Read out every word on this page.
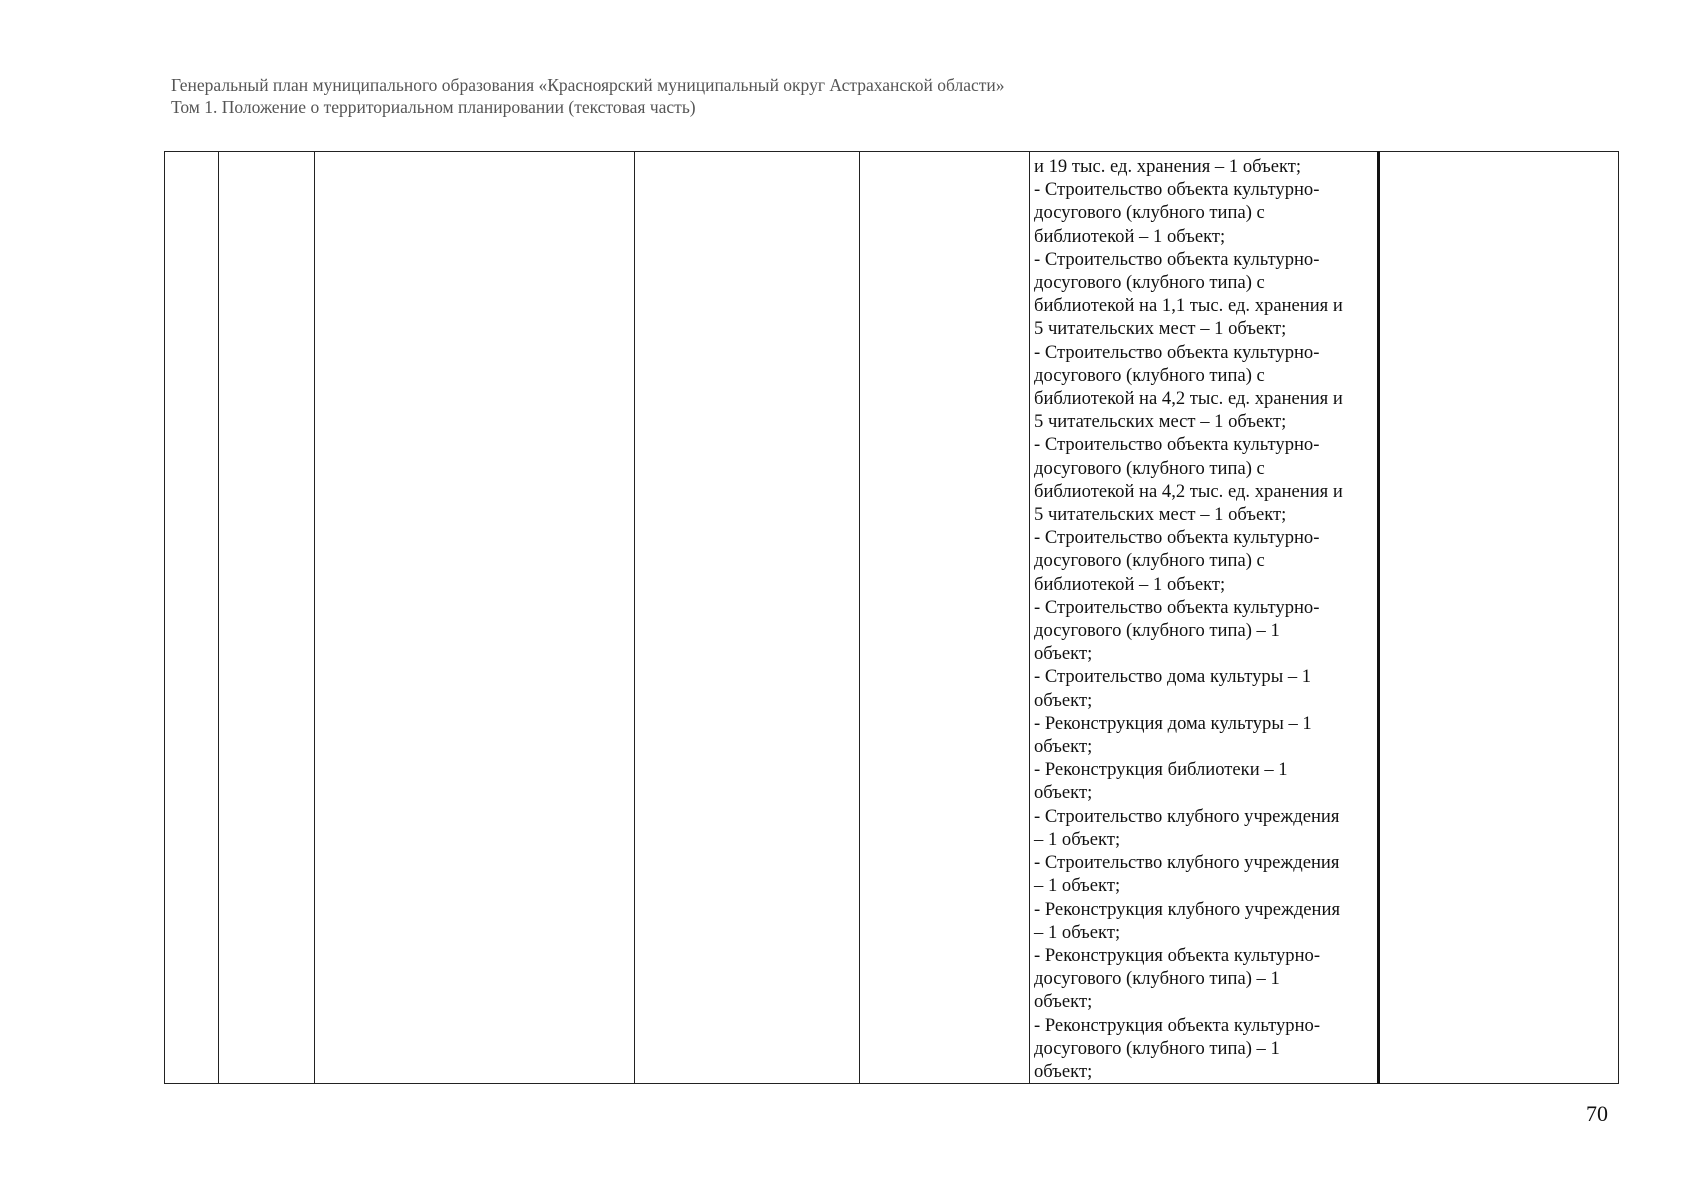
Генеральный план муниципального образования «Красноярский муниципальный округ Астраханской области»
Том 1. Положение о территориальном планировании (текстовая часть)

и 19 тыс. ед. хранения – 1 объект;
- Строительство объекта культурно-
досугового (клубного типа) с
библиотекой – 1 объект;
- Строительство объекта культурно-
досугового (клубного типа) с
библиотекой на 1,1 тыс. ед. хранения и
5 читательских мест – 1 объект;
- Строительство объекта культурно-
досугового (клубного типа) с
библиотекой на 4,2 тыс. ед. хранения и
5 читательских мест – 1 объект;
- Строительство объекта культурно-
досугового (клубного типа) с
библиотекой на 4,2 тыс. ед. хранения и
5 читательских мест – 1 объект;
- Строительство объекта культурно-
досугового (клубного типа) с
библиотекой – 1 объект;
- Строительство объекта культурно-
досугового (клубного типа) – 1
объект;
- Строительство дома культуры – 1
объект;
- Реконструкция дома культуры – 1
объект;
- Реконструкция библиотеки – 1
объект;
- Строительство клубного учреждения
– 1 объект;
- Строительство клубного учреждения
– 1 объект;
- Реконструкция клубного учреждения
– 1 объект;
- Реконструкция объекта культурно-
досугового (клубного типа) – 1
объект;
- Реконструкция объекта культурно-
досугового (клубного типа) – 1
объект;

70
